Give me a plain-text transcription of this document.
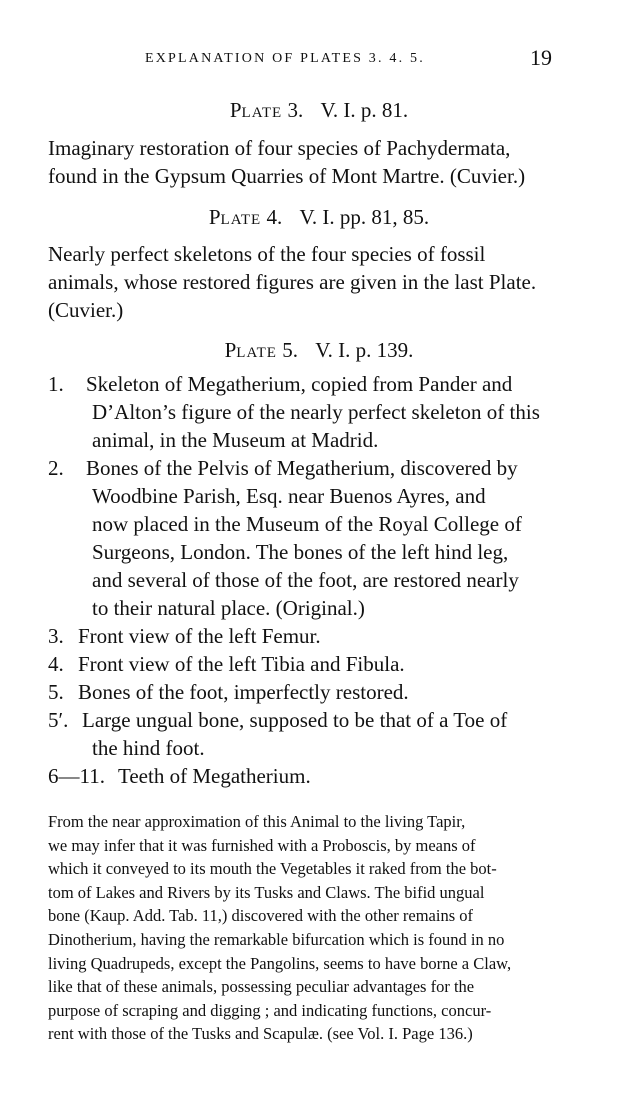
EXPLANATION OF PLATES 3. 4. 5.	19
PLATE 3. V. I. p. 81.
Imaginary restoration of four species of Pachydermata,
found in the Gypsum Quarries of Mont Martre. (Cuvier.)
PLATE 4. V. I. pp. 81, 85.
Nearly perfect skeletons of the four species of fossil
animals, whose restored figures are given in the last Plate.
(Cuvier.)
PLATE 5. V. I. p. 139.
1. Skeleton of Megatherium, copied from Pander and
D’Alton’s figure of the nearly perfect skeleton of this
animal, in the Museum at Madrid.
2. Bones of the Pelvis of Megatherium, discovered by
Woodbine Parish, Esq. near Buenos Ayres, and
now placed in the Museum of the Royal College of
Surgeons, London. The bones of the left hind leg,
and several of those of the foot, are restored nearly
to their natural place. (Original.)
3. Front view of the left Femur.
4. Front view of the left Tibia and Fibula.
5. Bones of the foot, imperfectly restored.
5′. Large ungual bone, supposed to be that of a Toe of
the hind foot.
6—11. Teeth of Megatherium.
From the near approximation of this Animal to the living Tapir,
we may infer that it was furnished with a Proboscis, by means of
which it conveyed to its mouth the Vegetables it raked from the bot-
tom of Lakes and Rivers by its Tusks and Claws. The bifid ungual
bone (Kaup. Add. Tab. 11,) discovered with the other remains of
Dinotherium, having the remarkable bifurcation which is found in no
living Quadrupeds, except the Pangolins, seems to have borne a Claw,
like that of these animals, possessing peculiar advantages for the
purpose of scraping and digging ; and indicating functions, concur-
rent with those of the Tusks and Scapulæ. (see Vol. I. Page 136.)
